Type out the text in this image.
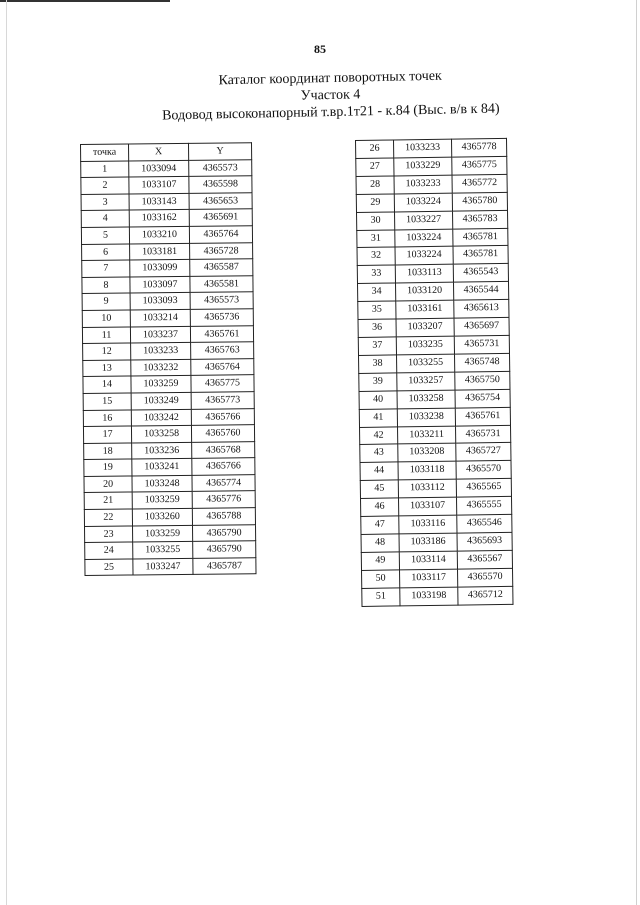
85
Каталог координат поворотных точек
Участок 4
Водовод высоконапорный т.вр.1т21 - к.84 (Выс. в/в к 84)
точка	X	Y
1	1033094	4365573
2	1033107	4365598
3	1033143	4365653
4	1033162	4365691
5	1033210	4365764
6	1033181	4365728
7	1033099	4365587
8	1033097	4365581
9	1033093	4365573
10	1033214	4365736
11	1033237	4365761
12	1033233	4365763
13	1033232	4365764
14	1033259	4365775
15	1033249	4365773
16	1033242	4365766
17	1033258	4365760
18	1033236	4365768
19	1033241	4365766
20	1033248	4365774
21	1033259	4365776
22	1033260	4365788
23	1033259	4365790
24	1033255	4365790
25	1033247	4365787
26	1033233	4365778
27	1033229	4365775
28	1033233	4365772
29	1033224	4365780
30	1033227	4365783
31	1033224	4365781
32	1033224	4365781
33	1033113	4365543
34	1033120	4365544
35	1033161	4365613
36	1033207	4365697
37	1033235	4365731
38	1033255	4365748
39	1033257	4365750
40	1033258	4365754
41	1033238	4365761
42	1033211	4365731
43	1033208	4365727
44	1033118	4365570
45	1033112	4365565
46	1033107	4365555
47	1033116	4365546
48	1033186	4365693
49	1033114	4365567
50	1033117	4365570
51	1033198	4365712
